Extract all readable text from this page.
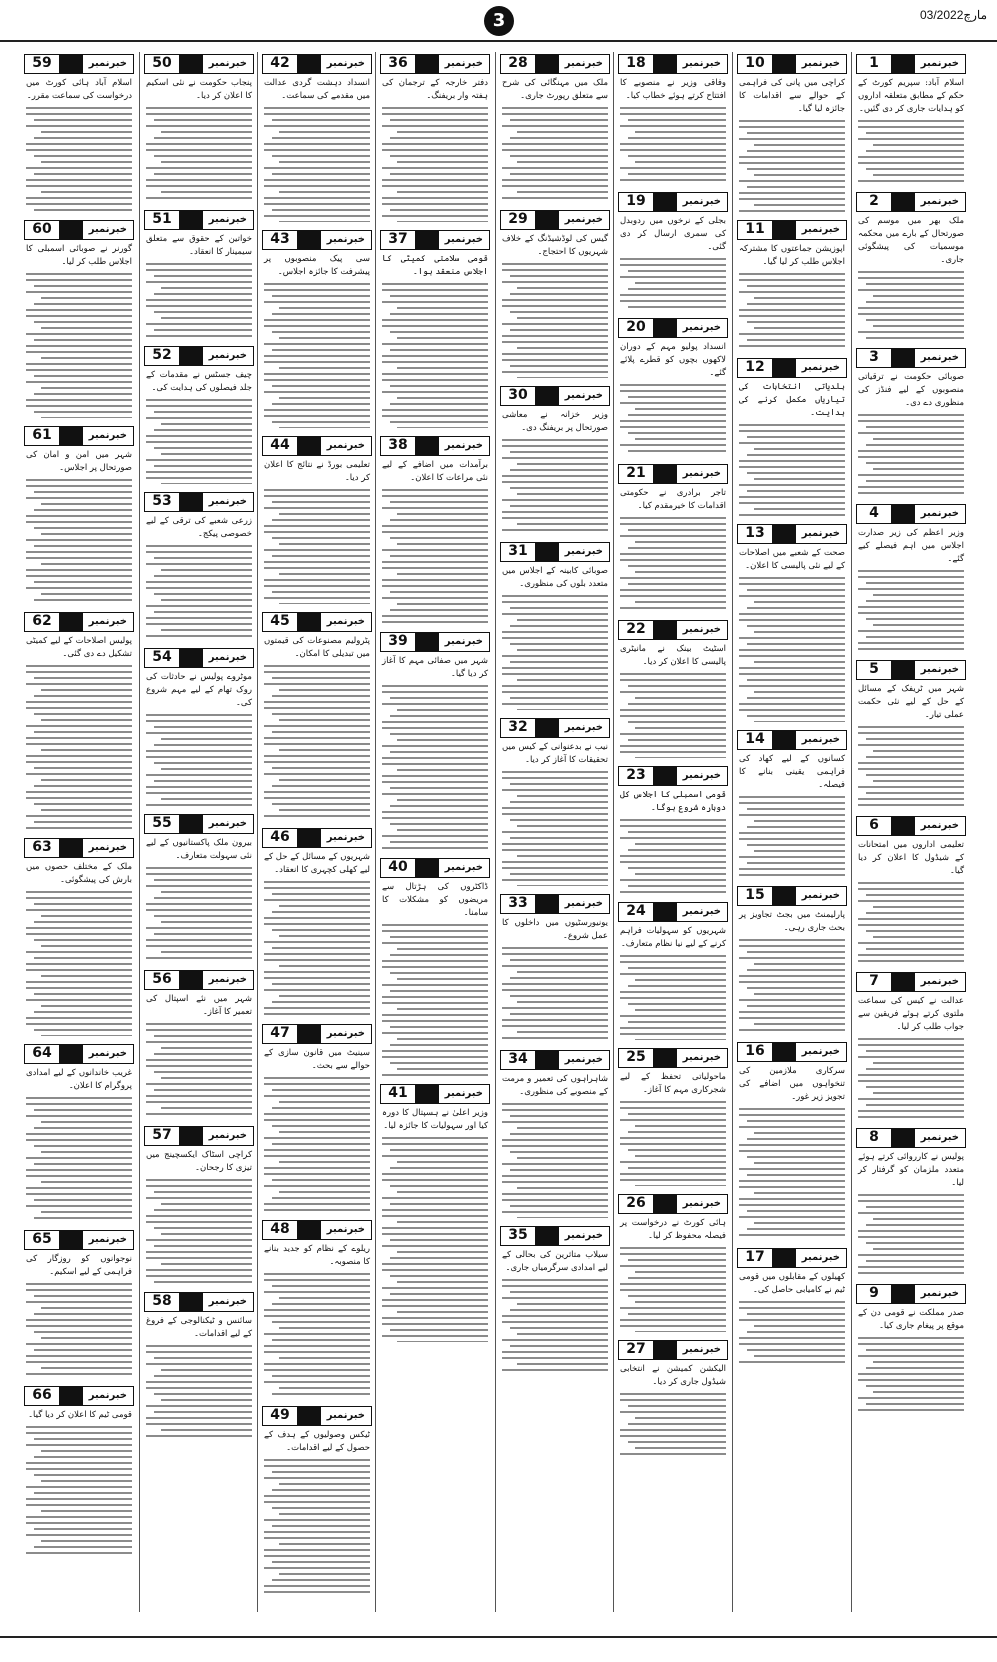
3	03/مارچ2022
1	خبرنمبر
اسلام آباد: سپریم کورٹ کے حکم کے مطابق متعلقہ اداروں کو ہدایات جاری کر دی گئیں۔
2	خبرنمبر
ملک بھر میں موسم کی صورتحال کے بارے میں محکمہ موسمیات کی پیشگوئی جاری۔
3	خبرنمبر
صوبائی حکومت نے ترقیاتی منصوبوں کے لیے فنڈز کی منظوری دے دی۔
4	خبرنمبر
وزیر اعظم کی زیر صدارت اجلاس میں اہم فیصلے کیے گئے۔
5	خبرنمبر
شہر میں ٹریفک کے مسائل کے حل کے لیے نئی حکمت عملی تیار۔
6	خبرنمبر
تعلیمی اداروں میں امتحانات کے شیڈول کا اعلان کر دیا گیا۔
7	خبرنمبر
عدالت نے کیس کی سماعت ملتوی کرتے ہوئے فریقین سے جواب طلب کر لیا۔
8	خبرنمبر
پولیس نے کارروائی کرتے ہوئے متعدد ملزمان کو گرفتار کر لیا۔
9	خبرنمبر
صدر مملکت نے قومی دن کے موقع پر پیغام جاری کیا۔
10	خبرنمبر
کراچی میں پانی کی فراہمی کے حوالے سے اقدامات کا جائزہ لیا گیا۔
11	خبرنمبر
اپوزیشن جماعتوں کا مشترکہ اجلاس طلب کر لیا گیا۔
12	خبرنمبر
بلدیاتی انتخابات کی تیاریاں مکمل کرنے کی ہدایت۔
13	خبرنمبر
صحت کے شعبے میں اصلاحات کے لیے نئی پالیسی کا اعلان۔
14	خبرنمبر
کسانوں کے لیے کھاد کی فراہمی یقینی بنانے کا فیصلہ۔
15	خبرنمبر
پارلیمنٹ میں بجٹ تجاویز پر بحث جاری رہی۔
16	خبرنمبر
سرکاری ملازمین کی تنخواہوں میں اضافے کی تجویز زیر غور۔
17	خبرنمبر
کھیلوں کے مقابلوں میں قومی ٹیم نے کامیابی حاصل کی۔
18	خبرنمبر
وفاقی وزیر نے منصوبے کا افتتاح کرتے ہوئے خطاب کیا۔
19	خبرنمبر
بجلی کے نرخوں میں ردوبدل کی سمری ارسال کر دی گئی۔
20	خبرنمبر
انسداد پولیو مہم کے دوران لاکھوں بچوں کو قطرے پلائے گئے۔
21	خبرنمبر
تاجر برادری نے حکومتی اقدامات کا خیرمقدم کیا۔
22	خبرنمبر
اسٹیٹ بینک نے مانیٹری پالیسی کا اعلان کر دیا۔
23	خبرنمبر
قومی اسمبلی کا اجلاس کل دوبارہ شروع ہوگا۔
24	خبرنمبر
شہریوں کو سہولیات فراہم کرنے کے لیے نیا نظام متعارف۔
25	خبرنمبر
ماحولیاتی تحفظ کے لیے شجرکاری مہم کا آغاز۔
26	خبرنمبر
ہائی کورٹ نے درخواست پر فیصلہ محفوظ کر لیا۔
27	خبرنمبر
الیکشن کمیشن نے انتخابی شیڈول جاری کر دیا۔
28	خبرنمبر
ملک میں مہنگائی کی شرح سے متعلق رپورٹ جاری۔
29	خبرنمبر
گیس کی لوڈشیڈنگ کے خلاف شہریوں کا احتجاج۔
30	خبرنمبر
وزیر خزانہ نے معاشی صورتحال پر بریفنگ دی۔
31	خبرنمبر
صوبائی کابینہ کے اجلاس میں متعدد بلوں کی منظوری۔
32	خبرنمبر
نیب نے بدعنوانی کے کیس میں تحقیقات کا آغاز کر دیا۔
33	خبرنمبر
یونیورسٹیوں میں داخلوں کا عمل شروع۔
34	خبرنمبر
شاہراہوں کی تعمیر و مرمت کے منصوبے کی منظوری۔
35	خبرنمبر
سیلاب متاثرین کی بحالی کے لیے امدادی سرگرمیاں جاری۔
36	خبرنمبر
دفتر خارجہ کے ترجمان کی ہفتہ وار بریفنگ۔
37	خبرنمبر
قومی سلامتی کمیٹی کا اجلاس منعقد ہوا۔
38	خبرنمبر
برآمدات میں اضافے کے لیے نئی مراعات کا اعلان۔
39	خبرنمبر
شہر میں صفائی مہم کا آغاز کر دیا گیا۔
40	خبرنمبر
ڈاکٹروں کی ہڑتال سے مریضوں کو مشکلات کا سامنا۔
41	خبرنمبر
وزیر اعلیٰ نے ہسپتال کا دورہ کیا اور سہولیات کا جائزہ لیا۔
42	خبرنمبر
انسداد دہشت گردی عدالت میں مقدمے کی سماعت۔
43	خبرنمبر
سی پیک منصوبوں پر پیشرفت کا جائزہ اجلاس۔
44	خبرنمبر
تعلیمی بورڈ نے نتائج کا اعلان کر دیا۔
45	خبرنمبر
پٹرولیم مصنوعات کی قیمتوں میں تبدیلی کا امکان۔
46	خبرنمبر
شہریوں کے مسائل کے حل کے لیے کھلی کچہری کا انعقاد۔
47	خبرنمبر
سینیٹ میں قانون سازی کے حوالے سے بحث۔
48	خبرنمبر
ریلوے کے نظام کو جدید بنانے کا منصوبہ۔
49	خبرنمبر
ٹیکس وصولیوں کے ہدف کے حصول کے لیے اقدامات۔
50	خبرنمبر
پنجاب حکومت نے نئی اسکیم کا اعلان کر دیا۔
51	خبرنمبر
خواتین کے حقوق سے متعلق سیمینار کا انعقاد۔
52	خبرنمبر
چیف جسٹس نے مقدمات کے جلد فیصلوں کی ہدایت کی۔
53	خبرنمبر
زرعی شعبے کی ترقی کے لیے خصوصی پیکج۔
54	خبرنمبر
موٹروے پولیس نے حادثات کی روک تھام کے لیے مہم شروع کی۔
55	خبرنمبر
بیرون ملک پاکستانیوں کے لیے نئی سہولت متعارف۔
56	خبرنمبر
شہر میں نئے اسپتال کی تعمیر کا آغاز۔
57	خبرنمبر
کراچی اسٹاک ایکسچینج میں تیزی کا رجحان۔
58	خبرنمبر
سائنس و ٹیکنالوجی کے فروغ کے لیے اقدامات۔
59	خبرنمبر
اسلام آباد ہائی کورٹ میں درخواست کی سماعت مقرر۔
60	خبرنمبر
گورنر نے صوبائی اسمبلی کا اجلاس طلب کر لیا۔
61	خبرنمبر
شہر میں امن و امان کی صورتحال پر اجلاس۔
62	خبرنمبر
پولیس اصلاحات کے لیے کمیٹی تشکیل دے دی گئی۔
63	خبرنمبر
ملک کے مختلف حصوں میں بارش کی پیشگوئی۔
64	خبرنمبر
غریب خاندانوں کے لیے امدادی پروگرام کا اعلان۔
65	خبرنمبر
نوجوانوں کو روزگار کی فراہمی کے لیے اسکیم۔
66	خبرنمبر
قومی ٹیم کا اعلان کر دیا گیا۔
